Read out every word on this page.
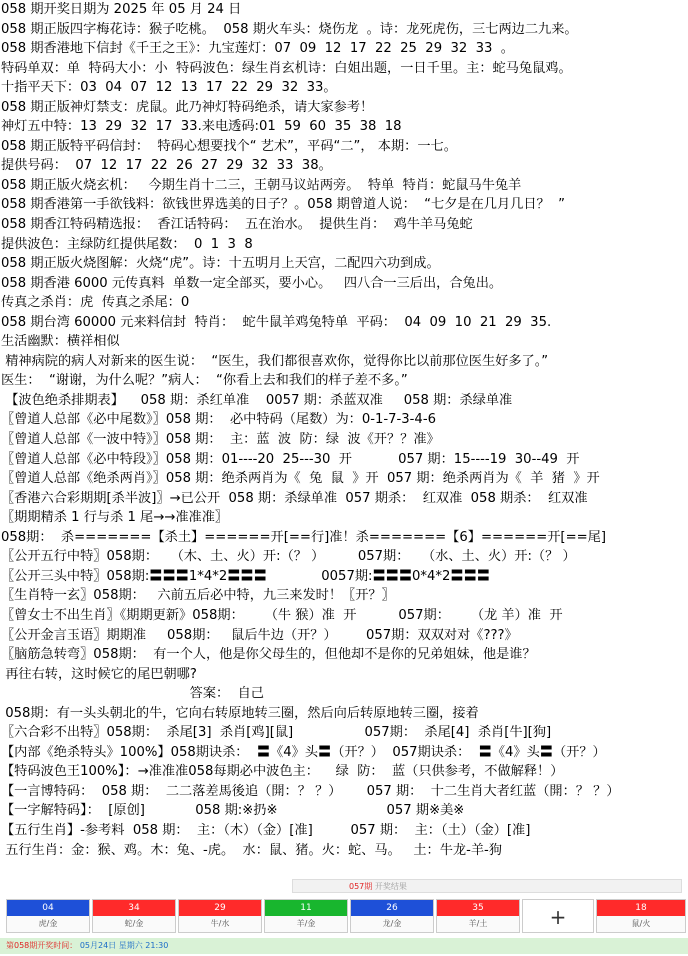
058 期开奖日期为 2025 年 05 月 24 日
058 期正版四字梅花诗：猴子吃桃。  058 期火车头：烧伤龙  。诗：龙死虎伤，三七两边二九来。
058 期香港地下信封《千王之王》：九宝莲灯：07  09  12  17  22  25  29  32  33  。
特码单双：单  特码大小：小  特码波色：绿生肖玄机诗：白姐出题，一日千里。主：蛇马兔鼠鸡。
十指平天下：03  04  07  12  13  17  22  29  32  33。
058 期正版神灯禁支：虎鼠。此乃神灯特码绝杀，请大家参考！
神灯五中特：13  29  32  17  33.来电透码:01  59  60  35  38  18
058 期正版特平码信封：  特码心想要找个“ 艺术”，平码“二”， 本期：一七。
提供号码：  07  12  17  22  26  27  29  32  33  38。
058 期正版火烧玄机：   今期生肖十二三，王朝马议站两旁。  特单  特肖：蛇鼠马牛兔羊
058 期香港第一手欲钱料：欲钱世界选美的日子？。058 期曾道人说：  “七夕是在几月几日？  ”
058 期香江特码精选报：  香江话特码：  五在治水。  提供生肖：  鸡牛羊马兔蛇
提供波色：主绿防红提供尾数：  0  1  3  8
058 期正版火烧图解：火烧“虎”。诗：十五明月上天宫，二配四六功到成。
058 期香港 6000 元传真料  单数一定全部买，要小心。   四八合一三后出，合兔出。
传真之杀肖：虎  传真之杀尾：0
058 期台湾 60000 元来料信封  特肖：  蛇牛鼠羊鸡兔特单  平码：  04  09  10  21  29  35.
生活幽默：横祥相似
精神病院的病人对新来的医生说：  “医生，我们都很喜欢你，觉得你比以前那位医生好多了。”
医生：  “谢谢，为什么呢？”病人：  “你看上去和我们的样子差不多。”
【波色绝杀排期表】    058 期：杀红单准    0057 期：杀蓝双准     058 期：杀绿单准
〖曾道人总部《必中尾数》〗058 期：  必中特码（尾数）为：0-1-7-3-4-6
〖曾道人总部《一波中特》〗058 期：  主：蓝  波  防：绿  波《开？？准》
〖曾道人总部《必中特段》〗058 期：01----20  25---30  开           057 期：15----19  30--49  开
〖曾道人总部《绝杀两肖》〗058 期：绝杀两肖为《  兔  鼠  》开  057 期：绝杀两肖为《  羊  猪  》开
〖香港六合彩期期[杀半波]〗→已公开  058 期：杀绿单准  057 期杀：  红双准  058 期杀：  红双准
〖期期精杀 1 行与杀 1 尾→→准准准〗
058期：  杀=======【杀土】======开[==行]准！杀=======【6】======开[==尾]
〖公开五行中特〗058期：   （木、土、火）开:（？ ）        057期：   （水、土、火）开:（？ ）
〖公开三头中特〗058期:〓〓〓1*4*2〓〓〓             0057期:〓〓〓0*4*2〓〓〓
〖生肖特一玄〗058期：   六前五后必中特，九三来发时！〖开？〗
〖曾女士不出生肖〗《期期更新》058期：     （牛 猴）准  开          057期：     （龙 羊）准  开
〖公开金言玉语〗期期准     058期：   鼠后牛边（开？）       057期：双双对对《???》
〖脑筋急转弯〗058期：  有一个人，他是你父母生的，但他却不是你的兄弟姐妹，他是谁？
再往右转，这时候它的尾巴朝哪?
答案：  自己
058期：有一头头朝北的牛，它向右转原地转三圈，然后向后转原地转三圈，接着
〖六合彩不出特〗058期：  杀尾[3]  杀肖[鸡][鼠]                 057期：  杀尾[4]  杀肖[牛][狗]
【内部《绝杀特头》100%】058期诀杀：  〓《4》头〓（开？）  057期诀杀：  〓《4》头〓（开？）
【特码波色王100%】：→准准准058每期必中波色主：    绿  防：  蓝（只供参考，不做解释！）
【一言博特码：  058 期：  二二落差馬後追（開：？ ？）      057 期：  十二生肖大者红蓝（開：？ ？）
【一字解特码】：  [原创]            058 期:※扔※                          057 期※美※
【五行生肖】-参考料  058 期：  主：（木）（金）[准]         057 期：  主：（土）（金）[准]
五行生肖：金：猴、鸡。木：兔、-虎。  水：鼠、猪。火：蛇、马。   土：牛龙-羊-狗
057期 开奖结果
04
虎/金
34
蛇/金
29
牛/水
11
羊/金
26
龙/金
35
羊/土	+	18
鼠/火
第058期开奖时间： 05月24日 星期六 21:30
